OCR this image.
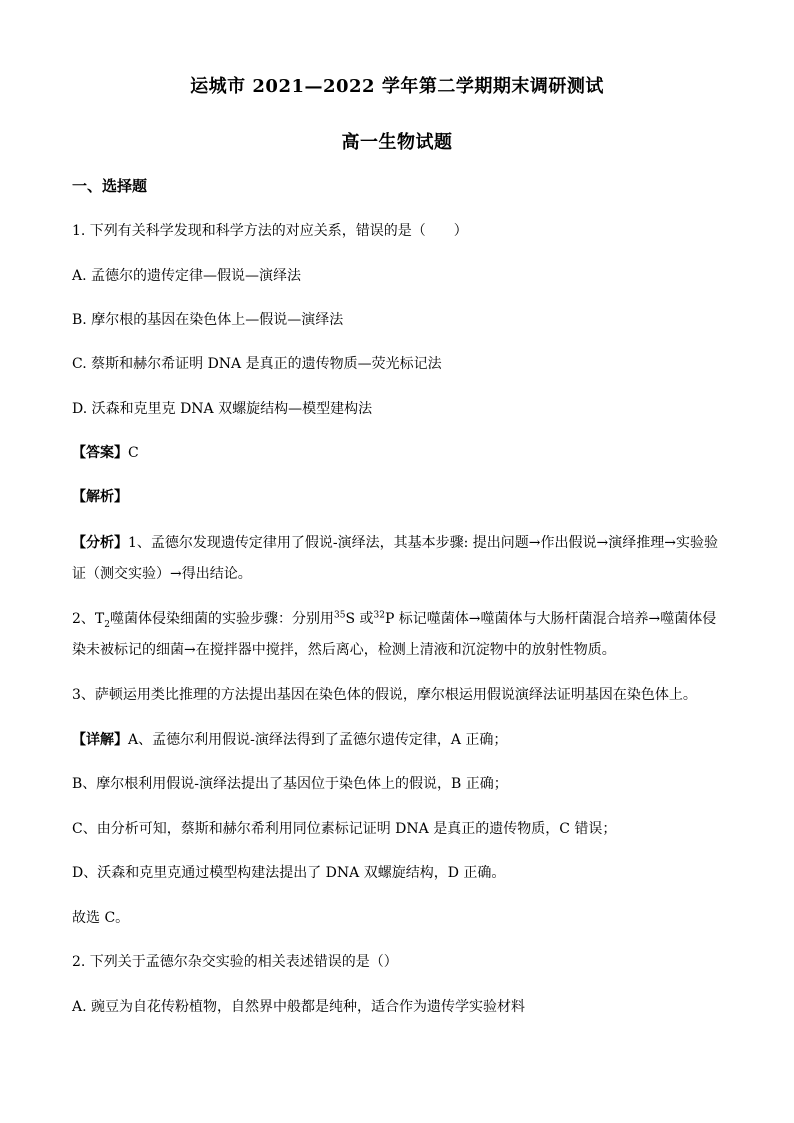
运城市 2021—2022 学年第二学期期末调研测试
高一生物试题
一、选择题
1. 下列有关科学发现和科学方法的对应关系，错误的是（　　）
A. 孟德尔的遗传定律—假说—演绎法
B. 摩尔根的基因在染色体上—假说—演绎法
C. 蔡斯和赫尔希证明 DNA 是真正的遗传物质—荧光标记法
D. 沃森和克里克 DNA 双螺旋结构—模型建构法
【答案】C
【解析】
【分析】1、孟德尔发现遗传定律用了假说-演绎法，其基本步骤: 提出问题→作出假说→演绎推理→实验验
证（测交实验）→得出结论。
2、$T_2$噬菌体侵染细菌的实验步骤：分别用$^{35}$S 或$^{32}$P 标记噬菌体→噬菌体与大肠杆菌混合培养→噬菌体侵
染未被标记的细菌→在搅拌器中搅拌，然后离心，检测上清液和沉淀物中的放射性物质。
3、萨顿运用类比推理的方法提出基因在染色体的假说，摩尔根运用假说演绎法证明基因在染色体上。
【详解】A、孟德尔利用假说-演绎法得到了孟德尔遗传定律，A 正确；
B、摩尔根利用假说-演绎法提出了基因位于染色体上的假说，B 正确；
C、由分析可知，蔡斯和赫尔希利用同位素标记证明 DNA 是真正的遗传物质，C 错误；
D、沃森和克里克通过模型构建法提出了 DNA 双螺旋结构，D 正确。
故选 C。
2. 下列关于孟德尔杂交实验的相关表述错误的是（）
A. 豌豆为自花传粉植物，自然界中般都是纯种，适合作为遗传学实验材料
